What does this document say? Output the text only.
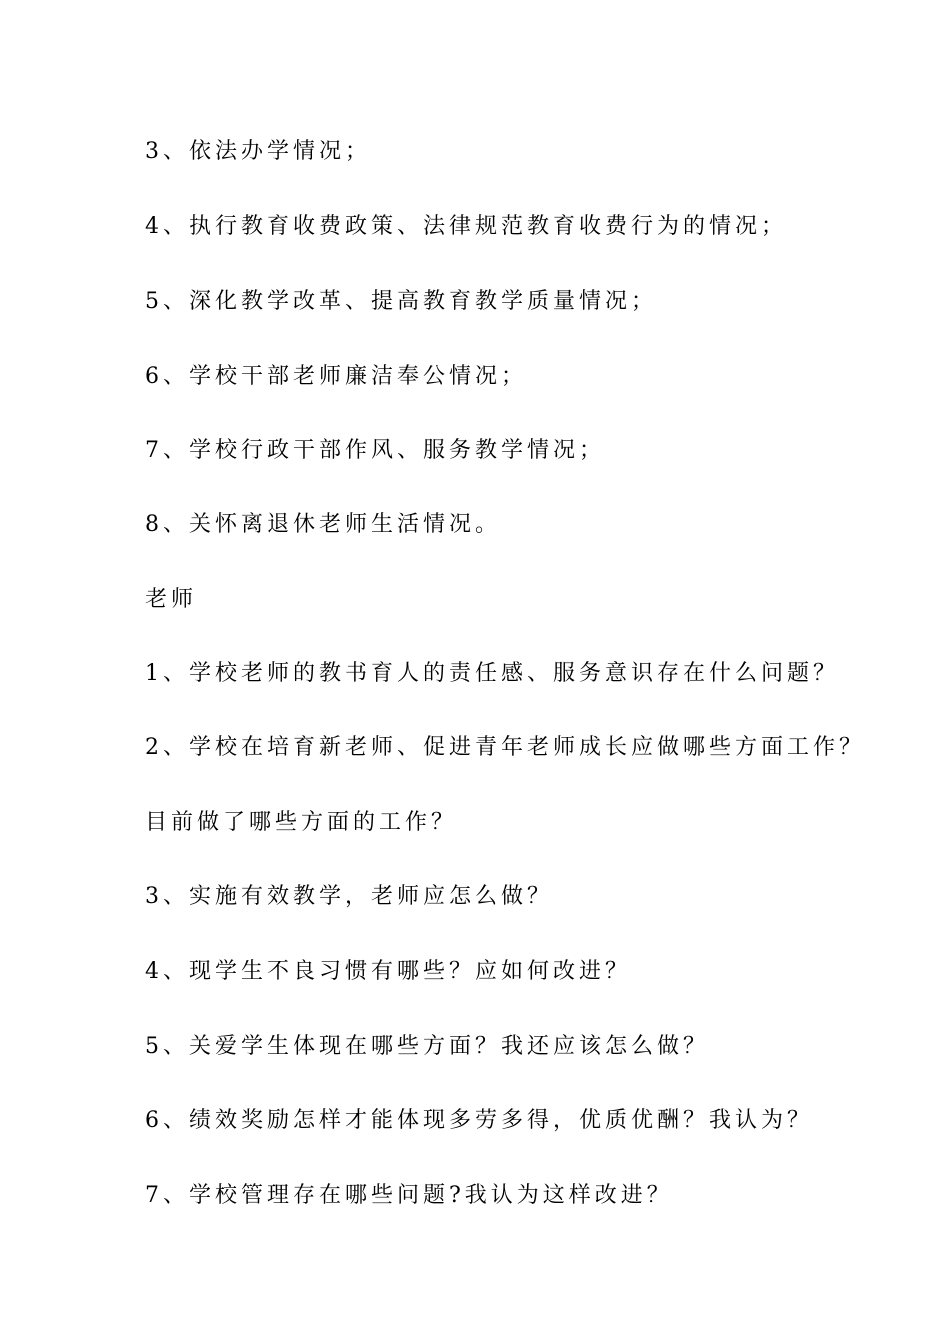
3、依法办学情况；
4、执行教育收费政策、法律规范教育收费行为的情况；
5、深化教学改革、提高教育教学质量情况；
6、学校干部老师廉洁奉公情况；
7、学校行政干部作风、服务教学情况；
8、关怀离退休老师生活情况。
老师
1、学校老师的教书育人的责任感、服务意识存在什么问题？
2、学校在培育新老师、促进青年老师成长应做哪些方面工作？
目前做了哪些方面的工作？
3、实施有效教学，老师应怎么做？
4、现学生不良习惯有哪些？应如何改进？
5、关爱学生体现在哪些方面？我还应该怎么做？
6、绩效奖励怎样才能体现多劳多得，优质优酬？我认为？
7、学校管理存在哪些问题?我认为这样改进？
